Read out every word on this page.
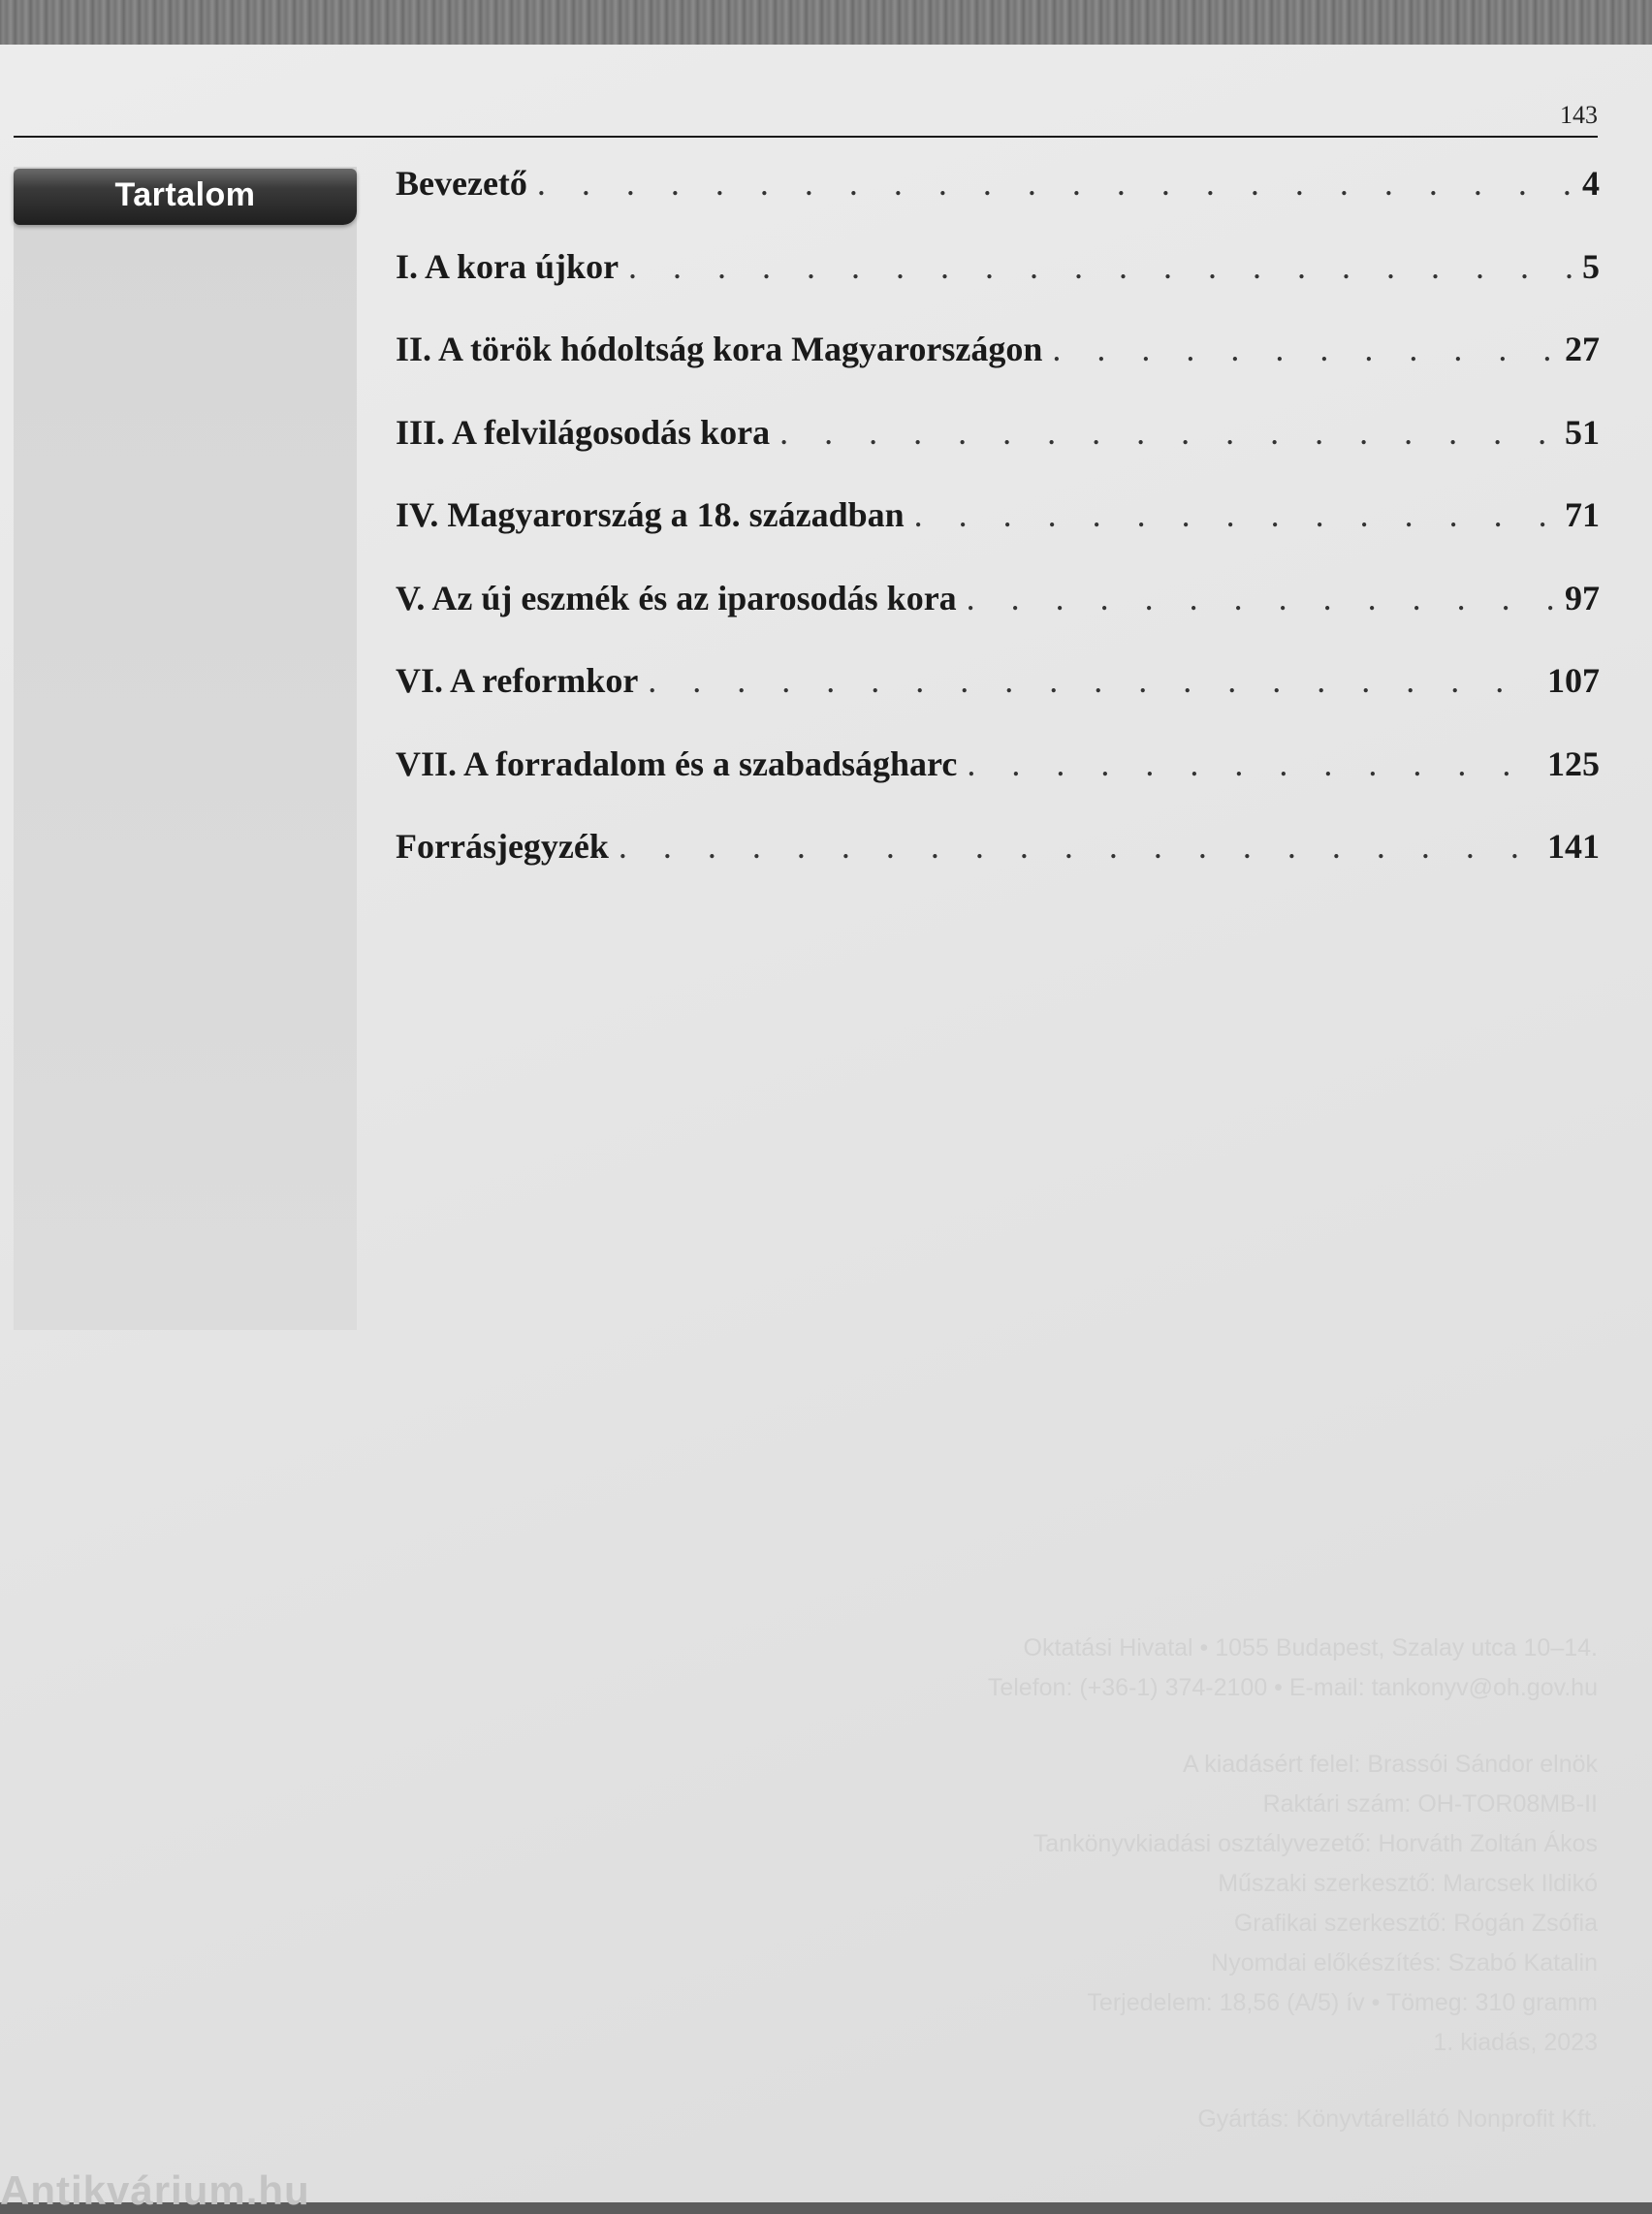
143
Tartalom	Bevezető . . .	4
I. A kora újkor . . .	5
II. A török hódoltság kora Magyarországon . . .	27
III. A felvilágosodás kora . . .	51
IV. Magyarország a 18. században . . .	71
V. Az új eszmék és az iparosodás kora . . .	97
VI. A reformkor . . .	107
VII. A forradalom és a szabadságharc . . .	125
Forrásjegyzék . . .	141
Oktatási Hivatal • 1055 Budapest, Szalay utca 10–14.
Telefon: (+36-1) 374-2100 • E-mail: tankonyv@oh.gov.hu
A kiadásért felel: Brassói Sándor elnök
Raktári szám: OH-TOR08MB-II
Tankönyvkiadási osztályvezető: Horváth Zoltán Ákos
Műszaki szerkesztő: Marcsek Ildikó
Grafikai szerkesztő: Rógán Zsófia
Nyomdai előkészítés: Szabó Katalin
Terjedelem: 18,56 (A/5) ív • Tömeg: 310 gramm
1. kiadás, 2023
Gyártás: Könyvtárellátó Nonprofit Kft.
Antikvárium.hu
